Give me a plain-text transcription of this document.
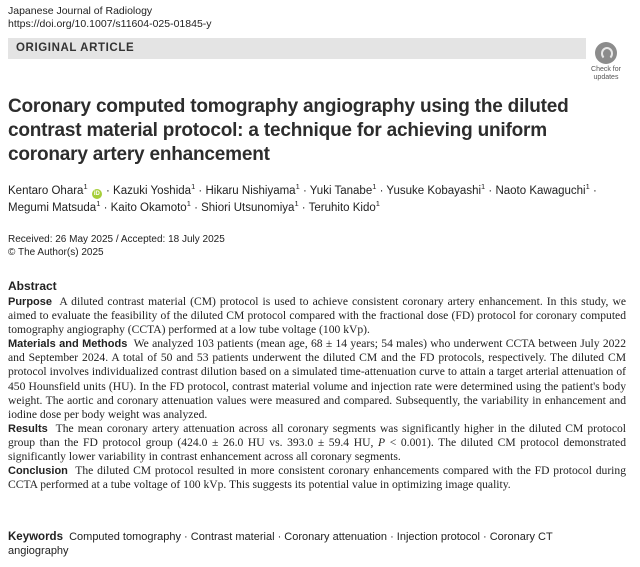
Japanese Journal of Radiology
https://doi.org/10.1007/s11604-025-01845-y
ORIGINAL ARTICLE
Check for
updates
Coronary computed tomography angiography using the diluted contrast material protocol: a technique for achieving uniform coronary artery enhancement
Kentaro Ohara$^1$ iD · Kazuki Yoshida$^1$ · Hikaru Nishiyama$^1$ · Yuki Tanabe$^1$ · Yusuke Kobayashi$^1$ · Naoto Kawaguchi$^1$ · Megumi Matsuda$^1$ · Kaito Okamoto$^1$ · Shiori Utsunomiya$^1$ · Teruhito Kido$^1$
Received: 26 May 2025 / Accepted: 18 July 2025
© The Author(s) 2025
Abstract

Purpose A diluted contrast material (CM) protocol is used to achieve consistent coronary artery enhancement. In this study, we aimed to evaluate the feasibility of the diluted CM protocol compared with the fractional dose (FD) protocol for coronary computed tomography angiography (CCTA) performed at a low tube voltage (100 kVp).

Materials and Methods We analyzed 103 patients (mean age, 68 ± 14 years; 54 males) who underwent CCTA between July 2022 and September 2024. A total of 50 and 53 patients underwent the diluted CM and the FD protocols, respectively. The diluted CM protocol involves individualized contrast dilution based on a simulated time-attenuation curve to attain a target arterial attenuation of 450 Hounsfield units (HU). In the FD protocol, contrast material volume and injection rate were determined using the patient's body weight. The aortic and coronary attenuation values were measured and compared. Subsequently, the variability in enhancement and iodine dose per body weight was analyzed.

Results The mean coronary artery attenuation across all coronary segments was significantly higher in the diluted CM protocol group than the FD protocol group (424.0 ± 26.0 HU vs. 393.0 ± 59.4 HU, P < 0.001). The diluted CM protocol demonstrated significantly lower variability in contrast enhancement across all coronary segments.

Conclusion The diluted CM protocol resulted in more consistent coronary enhancements compared with the FD protocol during CCTA performed at a tube voltage of 100 kVp. This suggests its potential value in optimizing image quality.

Keywords Computed tomography · Contrast material · Coronary attenuation · Injection protocol · Coronary CT angiography
